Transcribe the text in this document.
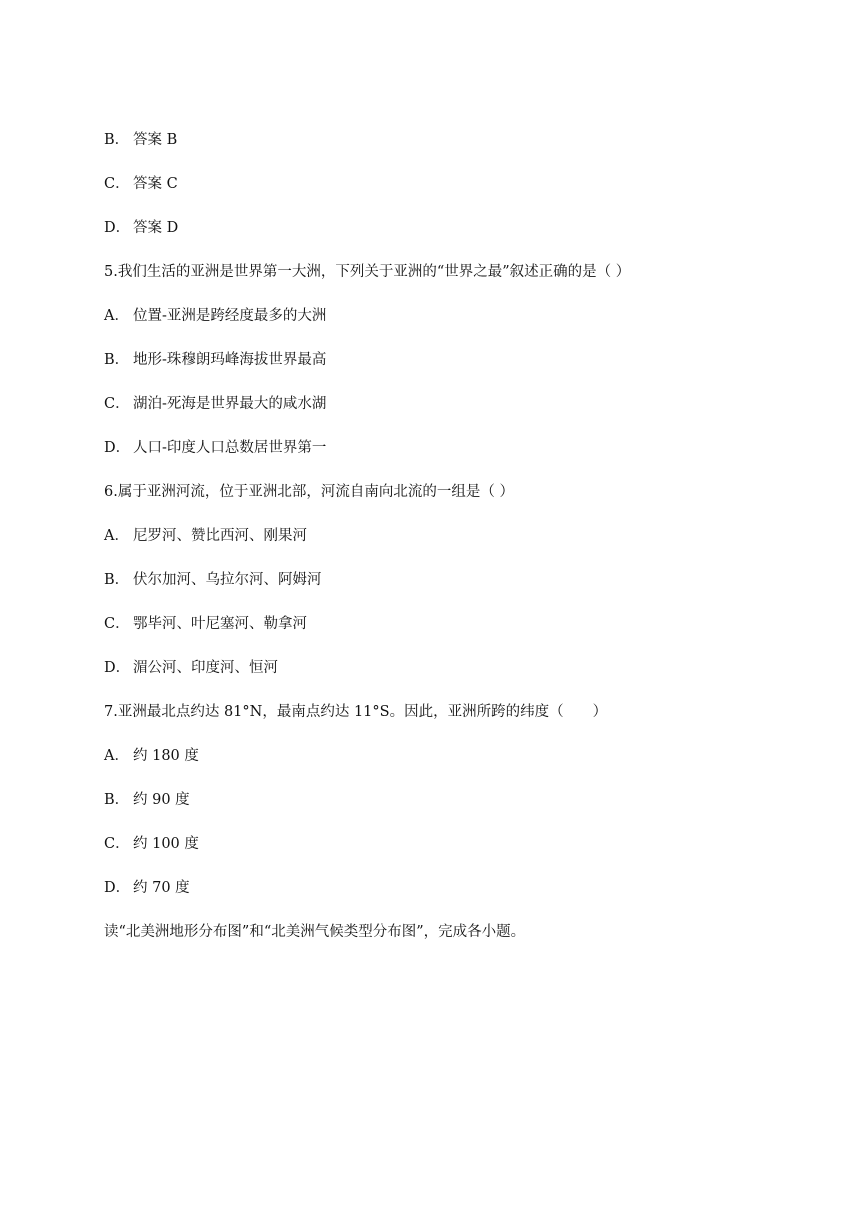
B． 答案 B
C． 答案 C
D． 答案 D
5.我们生活的亚洲是世界第一大洲，下列关于亚洲的“世界之最”叙述正确的是（ ）
A． 位置-亚洲是跨经度最多的大洲
B． 地形-珠穆朗玛峰海拔世界最高
C． 湖泊-死海是世界最大的咸水湖
D． 人口-印度人口总数居世界第一
6.属于亚洲河流，位于亚洲北部，河流自南向北流的一组是（ ）
A． 尼罗河、赞比西河、刚果河
B． 伏尔加河、乌拉尔河、阿姆河
C． 鄂毕河、叶尼塞河、勒拿河
D． 湄公河、印度河、恒河
7.亚洲最北点约达 81°N，最南点约达 11°S。因此，亚洲所跨的纬度（　　）
A． 约 180 度
B． 约 90 度
C． 约 100 度
D． 约 70 度
读“北美洲地形分布图”和“北美洲气候类型分布图”，完成各小题。
